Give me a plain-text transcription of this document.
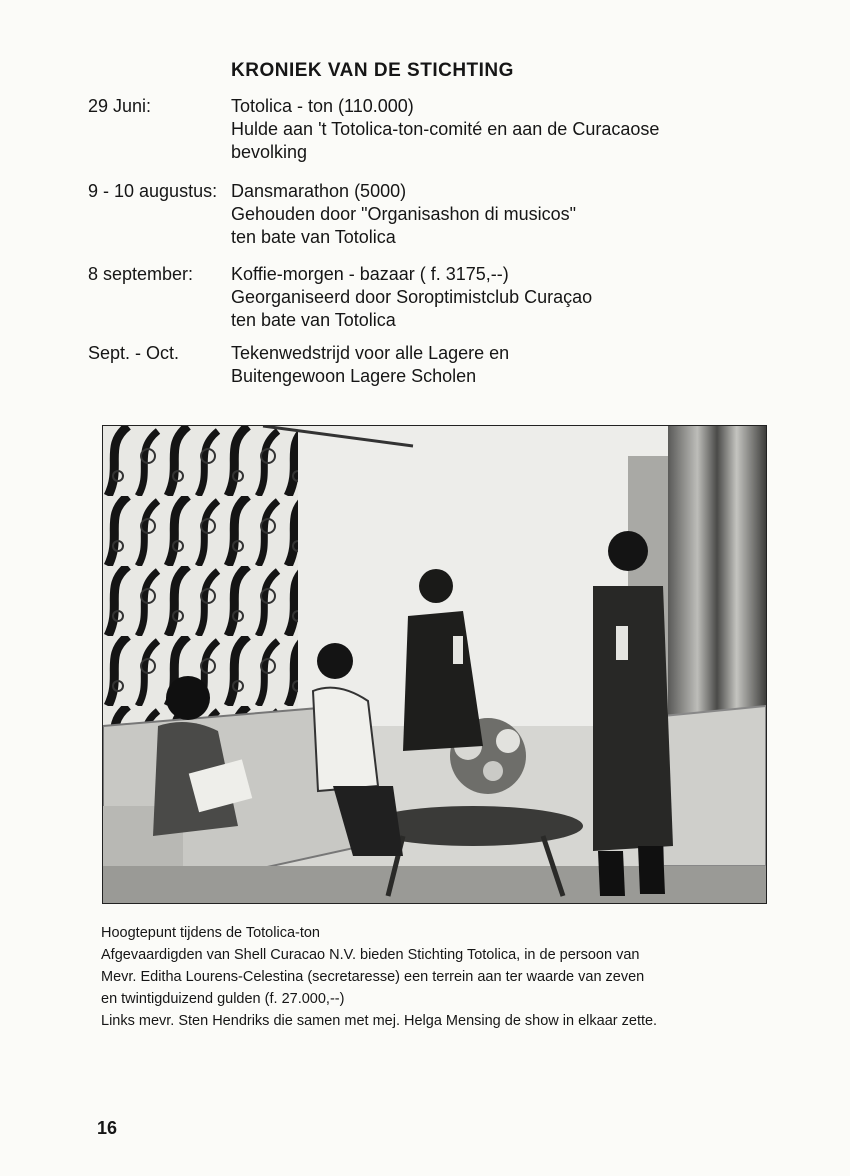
KRONIEK VAN DE STICHTING
29 Juni:	Totolica - ton (110.000)
Hulde aan 't Totolica-ton-comité en aan de Curacaose
bevolking
9 - 10 augustus: Dansmarathon (5000)
Gehouden door "Organisashon di musicos"
ten bate van Totolica
8 september: Koffie-morgen - bazaar ( f. 3175,--)
Georganiseerd door Soroptimistclub Curaçao
ten bate van Totolica
Sept. - Oct.	Tekenwedstrijd voor alle Lagere en
Buitengewoon Lagere Scholen
Hoogtepunt tijdens de Totolica-ton
Afgevaardigden van Shell Curacao N.V. bieden Stichting Totolica, in de persoon van
Mevr. Editha Lourens-Celestina (secretaresse) een terrein aan ter waarde van zeven
en twintigduizend gulden (f. 27.000,--)
Links mevr. Sten Hendriks die samen met mej. Helga Mensing de show in elkaar zette.
16
